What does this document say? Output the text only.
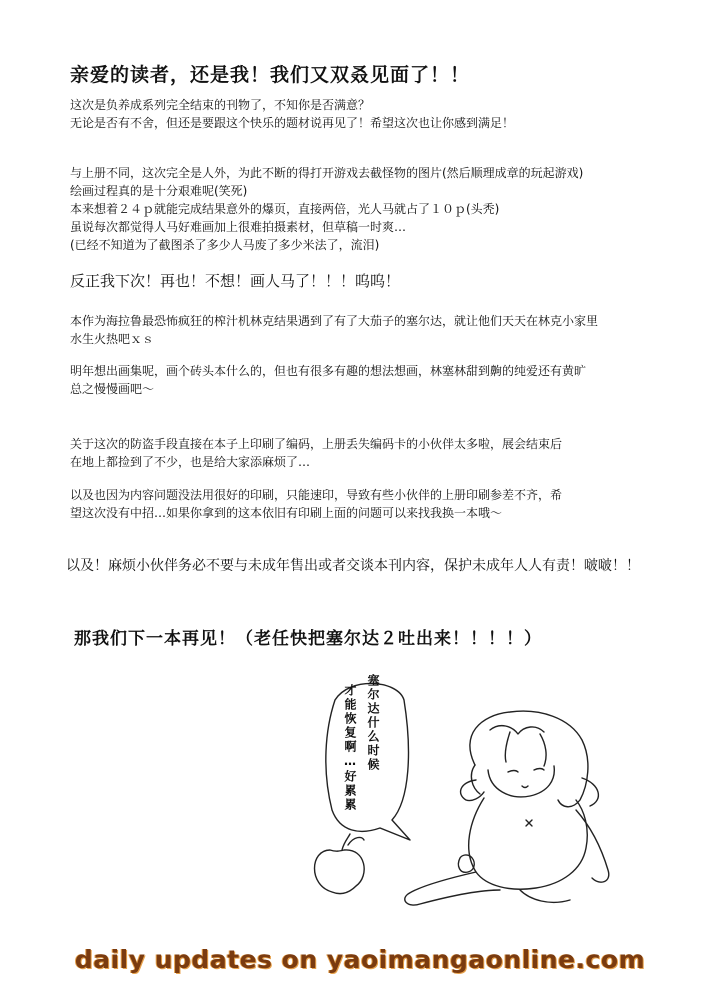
亲爱的读者，还是我！我们又双叒见面了！！
这次是负养成系列完全结束的刊物了，不知你是否满意？
无论是否有不舍，但还是要跟这个快乐的题材说再见了！希望这次也让你感到满足！
与上册不同，这次完全是人外，为此不断的得打开游戏去截怪物的图片(然后顺理成章的玩起游戏)
绘画过程真的是十分艰难呢(笑死)
本来想着２４ｐ就能完成结果意外的爆页，直接两倍，光人马就占了１０ｐ(头秃)
虽说每次都觉得人马好难画加上很难拍摄素材，但草稿一时爽…
(已经不知道为了截图杀了多少人马废了多少米法了，流泪)
反正我下次！再也！不想！画人马了！！！呜呜！
本作为海拉鲁最恐怖疯狂的榨汁机林克结果遇到了有了大茄子的塞尔达，就让他们天天在林克小家里
水生火热吧ｘｓ
明年想出画集呢，画个砖头本什么的，但也有很多有趣的想法想画，林塞林甜到齁的纯爱还有黄旷
总之慢慢画吧～
关于这次的防盗手段直接在本子上印刷了编码，上册丢失编码卡的小伙伴太多啦，展会结束后
在地上都捡到了不少，也是给大家添麻烦了…
以及也因为内容问题没法用很好的印刷，只能速印，导致有些小伙伴的上册印刷参差不齐，希
望这次没有中招…如果你拿到的这本依旧有印刷上面的问题可以来找我换一本哦～
以及！麻烦小伙伴务必不要与未成年售出或者交谈本刊内容，保护未成年人人有责！啵啵！！
那我们下一本再见！（老任快把塞尔达２吐出来！！！！）
塞尔达什么时候
才能恢复啊…好累累
daily updates on yaoimangaonline.com
